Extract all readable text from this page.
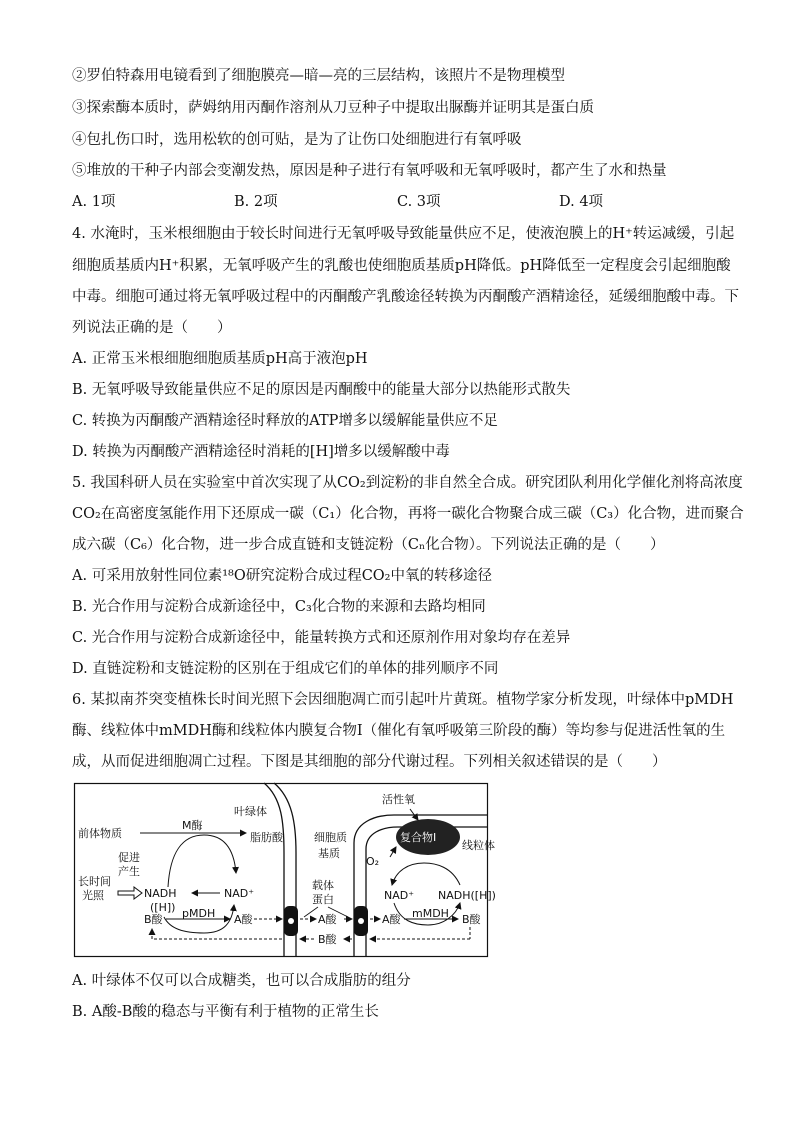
②罗伯特森用电镜看到了细胞膜亮—暗—亮的三层结构，该照片不是物理模型
③探索酶本质时，萨姆纳用丙酮作溶剂从刀豆种子中提取出脲酶并证明其是蛋白质
④包扎伤口时，选用松软的创可贴，是为了让伤口处细胞进行有氧呼吸
⑤堆放的干种子内部会变潮发热，原因是种子进行有氧呼吸和无氧呼吸时，都产生了水和热量
A. 1项	B. 2项	C. 3项	D. 4项
4. 水淹时，玉米根细胞由于较长时间进行无氧呼吸导致能量供应不足，使液泡膜上的H⁺转运减缓，引起
细胞质基质内H⁺积累，无氧呼吸产生的乳酸也使细胞质基质pH降低。pH降低至一定程度会引起细胞酸
中毒。细胞可通过将无氧呼吸过程中的丙酮酸产乳酸途径转换为丙酮酸产酒精途径，延缓细胞酸中毒。下
列说法正确的是（　　）
A. 正常玉米根细胞细胞质基质pH高于液泡pH
B. 无氧呼吸导致能量供应不足的原因是丙酮酸中的能量大部分以热能形式散失
C. 转换为丙酮酸产酒精途径时释放的ATP增多以缓解能量供应不足
D. 转换为丙酮酸产酒精途径时消耗的[H]增多以缓解酸中毒
5. 我国科研人员在实验室中首次实现了从CO₂到淀粉的非自然全合成。研究团队利用化学催化剂将高浓度
CO₂在高密度氢能作用下还原成一碳（C₁）化合物，再将一碳化合物聚合成三碳（C₃）化合物，进而聚合
成六碳（C₆）化合物，进一步合成直链和支链淀粉（Cₙ化合物）。下列说法正确的是（　　）
A. 可采用放射性同位素¹⁸O研究淀粉合成过程CO₂中氧的转移途径
B. 光合作用与淀粉合成新途径中，C₃化合物的来源和去路均相同
C. 光合作用与淀粉合成新途径中，能量转换方式和还原剂作用对象均存在差异
D. 直链淀粉和支链淀粉的区别在于组成它们的单体的排列顺序不同
6. 某拟南芥突变植株长时间光照下会因细胞凋亡而引起叶片黄斑。植物学家分析发现，叶绿体中pMDH
酶、线粒体中mMDH酶和线粒体内膜复合物Ⅰ（催化有氧呼吸第三阶段的酶）等均参与促进活性氧的生
成，从而促进细胞凋亡过程。下图是其细胞的部分代谢过程。下列相关叙述错误的是（　　）
叶绿体
细胞质
基质
活性氧
线粒体
复合物Ⅰ
O₂
前体物质
M酶
脂肪酸
促进
产生
长时间
光照	NADH
([H])
NAD⁺
pMDH
B酸	A酸
载体
蛋白
A酸
B酸
NAD⁺ NADH([H])
mMDH
A酸	B酸
A. 叶绿体不仅可以合成糖类，也可以合成脂肪的组分
B. A酸-B酸的稳态与平衡有利于植物的正常生长
